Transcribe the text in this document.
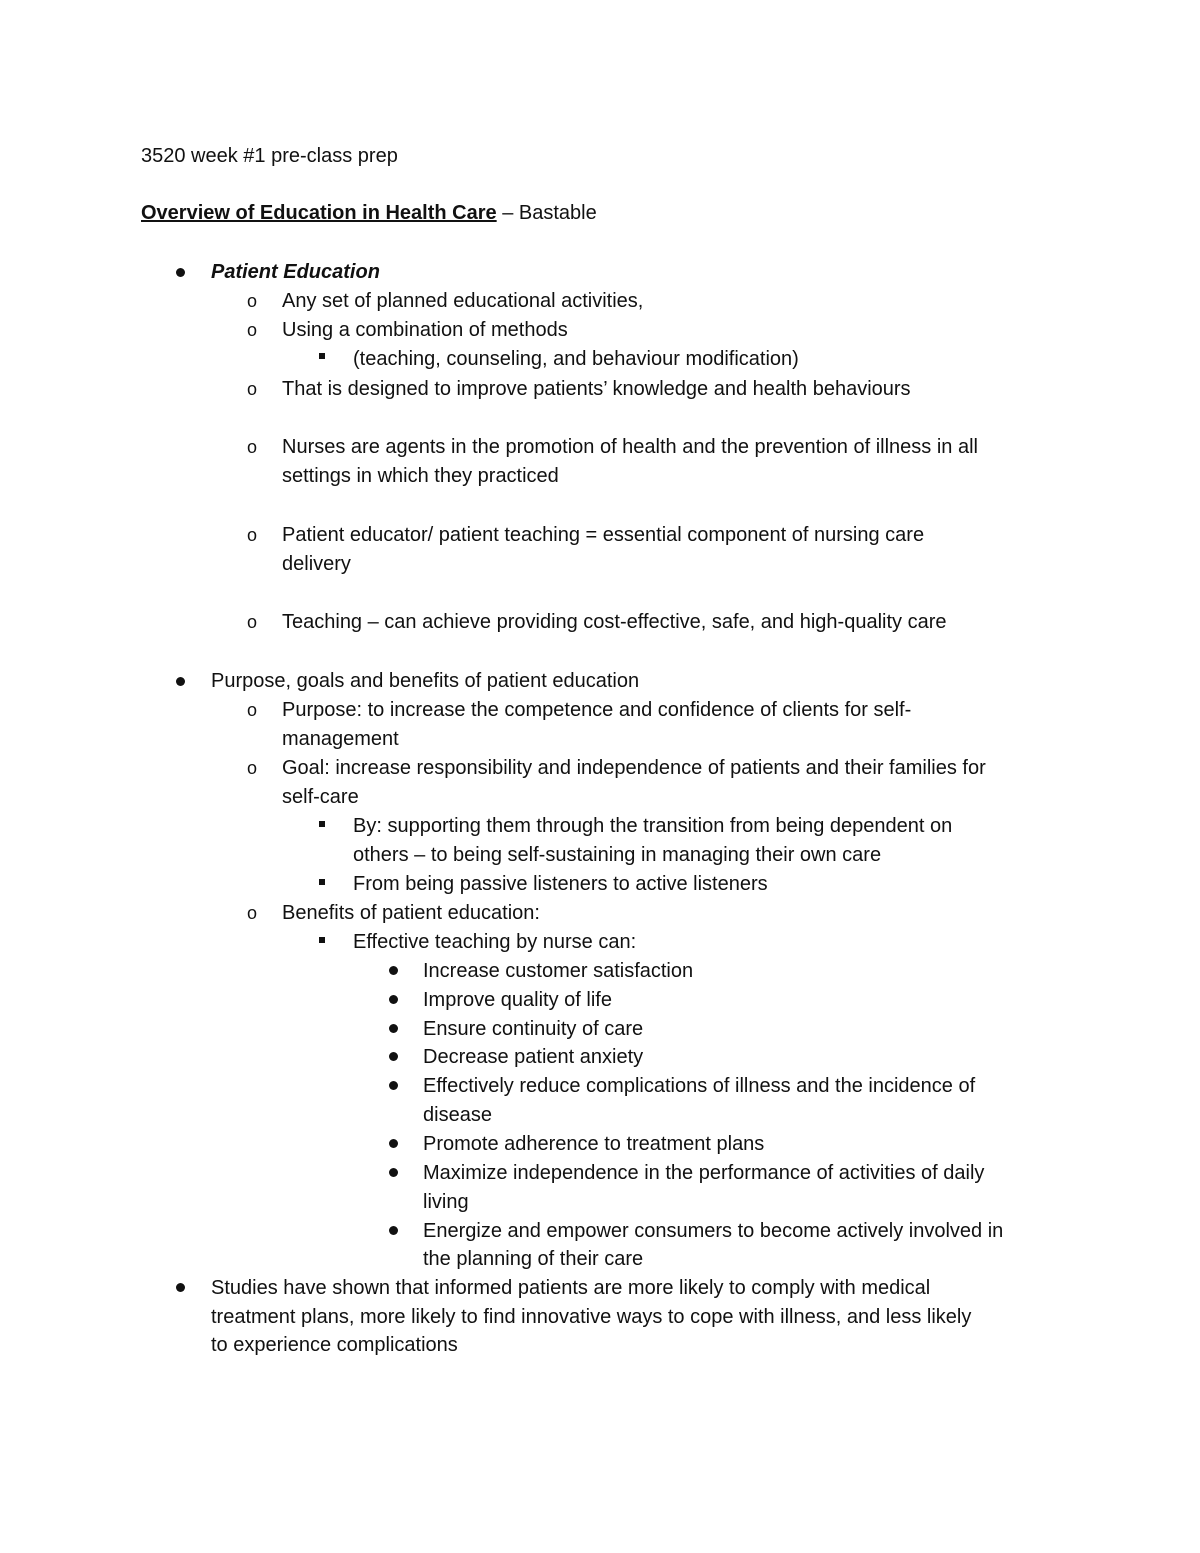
3520 week #1 pre-class prep
Overview of Education in Health Care – Bastable
Patient Education
o Any set of planned educational activities,
o Using a combination of methods
(teaching, counseling, and behaviour modification)
o That is designed to improve patients’ knowledge and health behaviours
o Nurses are agents in the promotion of health and the prevention of illness in all
settings in which they practiced
o Patient educator/ patient teaching = essential component of nursing care
delivery
o Teaching – can achieve providing cost-effective, safe, and high-quality care
Purpose, goals and benefits of patient education
o Purpose: to increase the competence and confidence of clients for self-
management
o Goal: increase responsibility and independence of patients and their families for
self-care
By: supporting them through the transition from being dependent on
others – to being self-sustaining in managing their own care
From being passive listeners to active listeners
o Benefits of patient education:
Effective teaching by nurse can:
Increase customer satisfaction
Improve quality of life
Ensure continuity of care
Decrease patient anxiety
Effectively reduce complications of illness and the incidence of
disease
Promote adherence to treatment plans
Maximize independence in the performance of activities of daily
living
Energize and empower consumers to become actively involved in
the planning of their care
Studies have shown that informed patients are more likely to comply with medical
treatment plans, more likely to find innovative ways to cope with illness, and less likely
to experience complications
